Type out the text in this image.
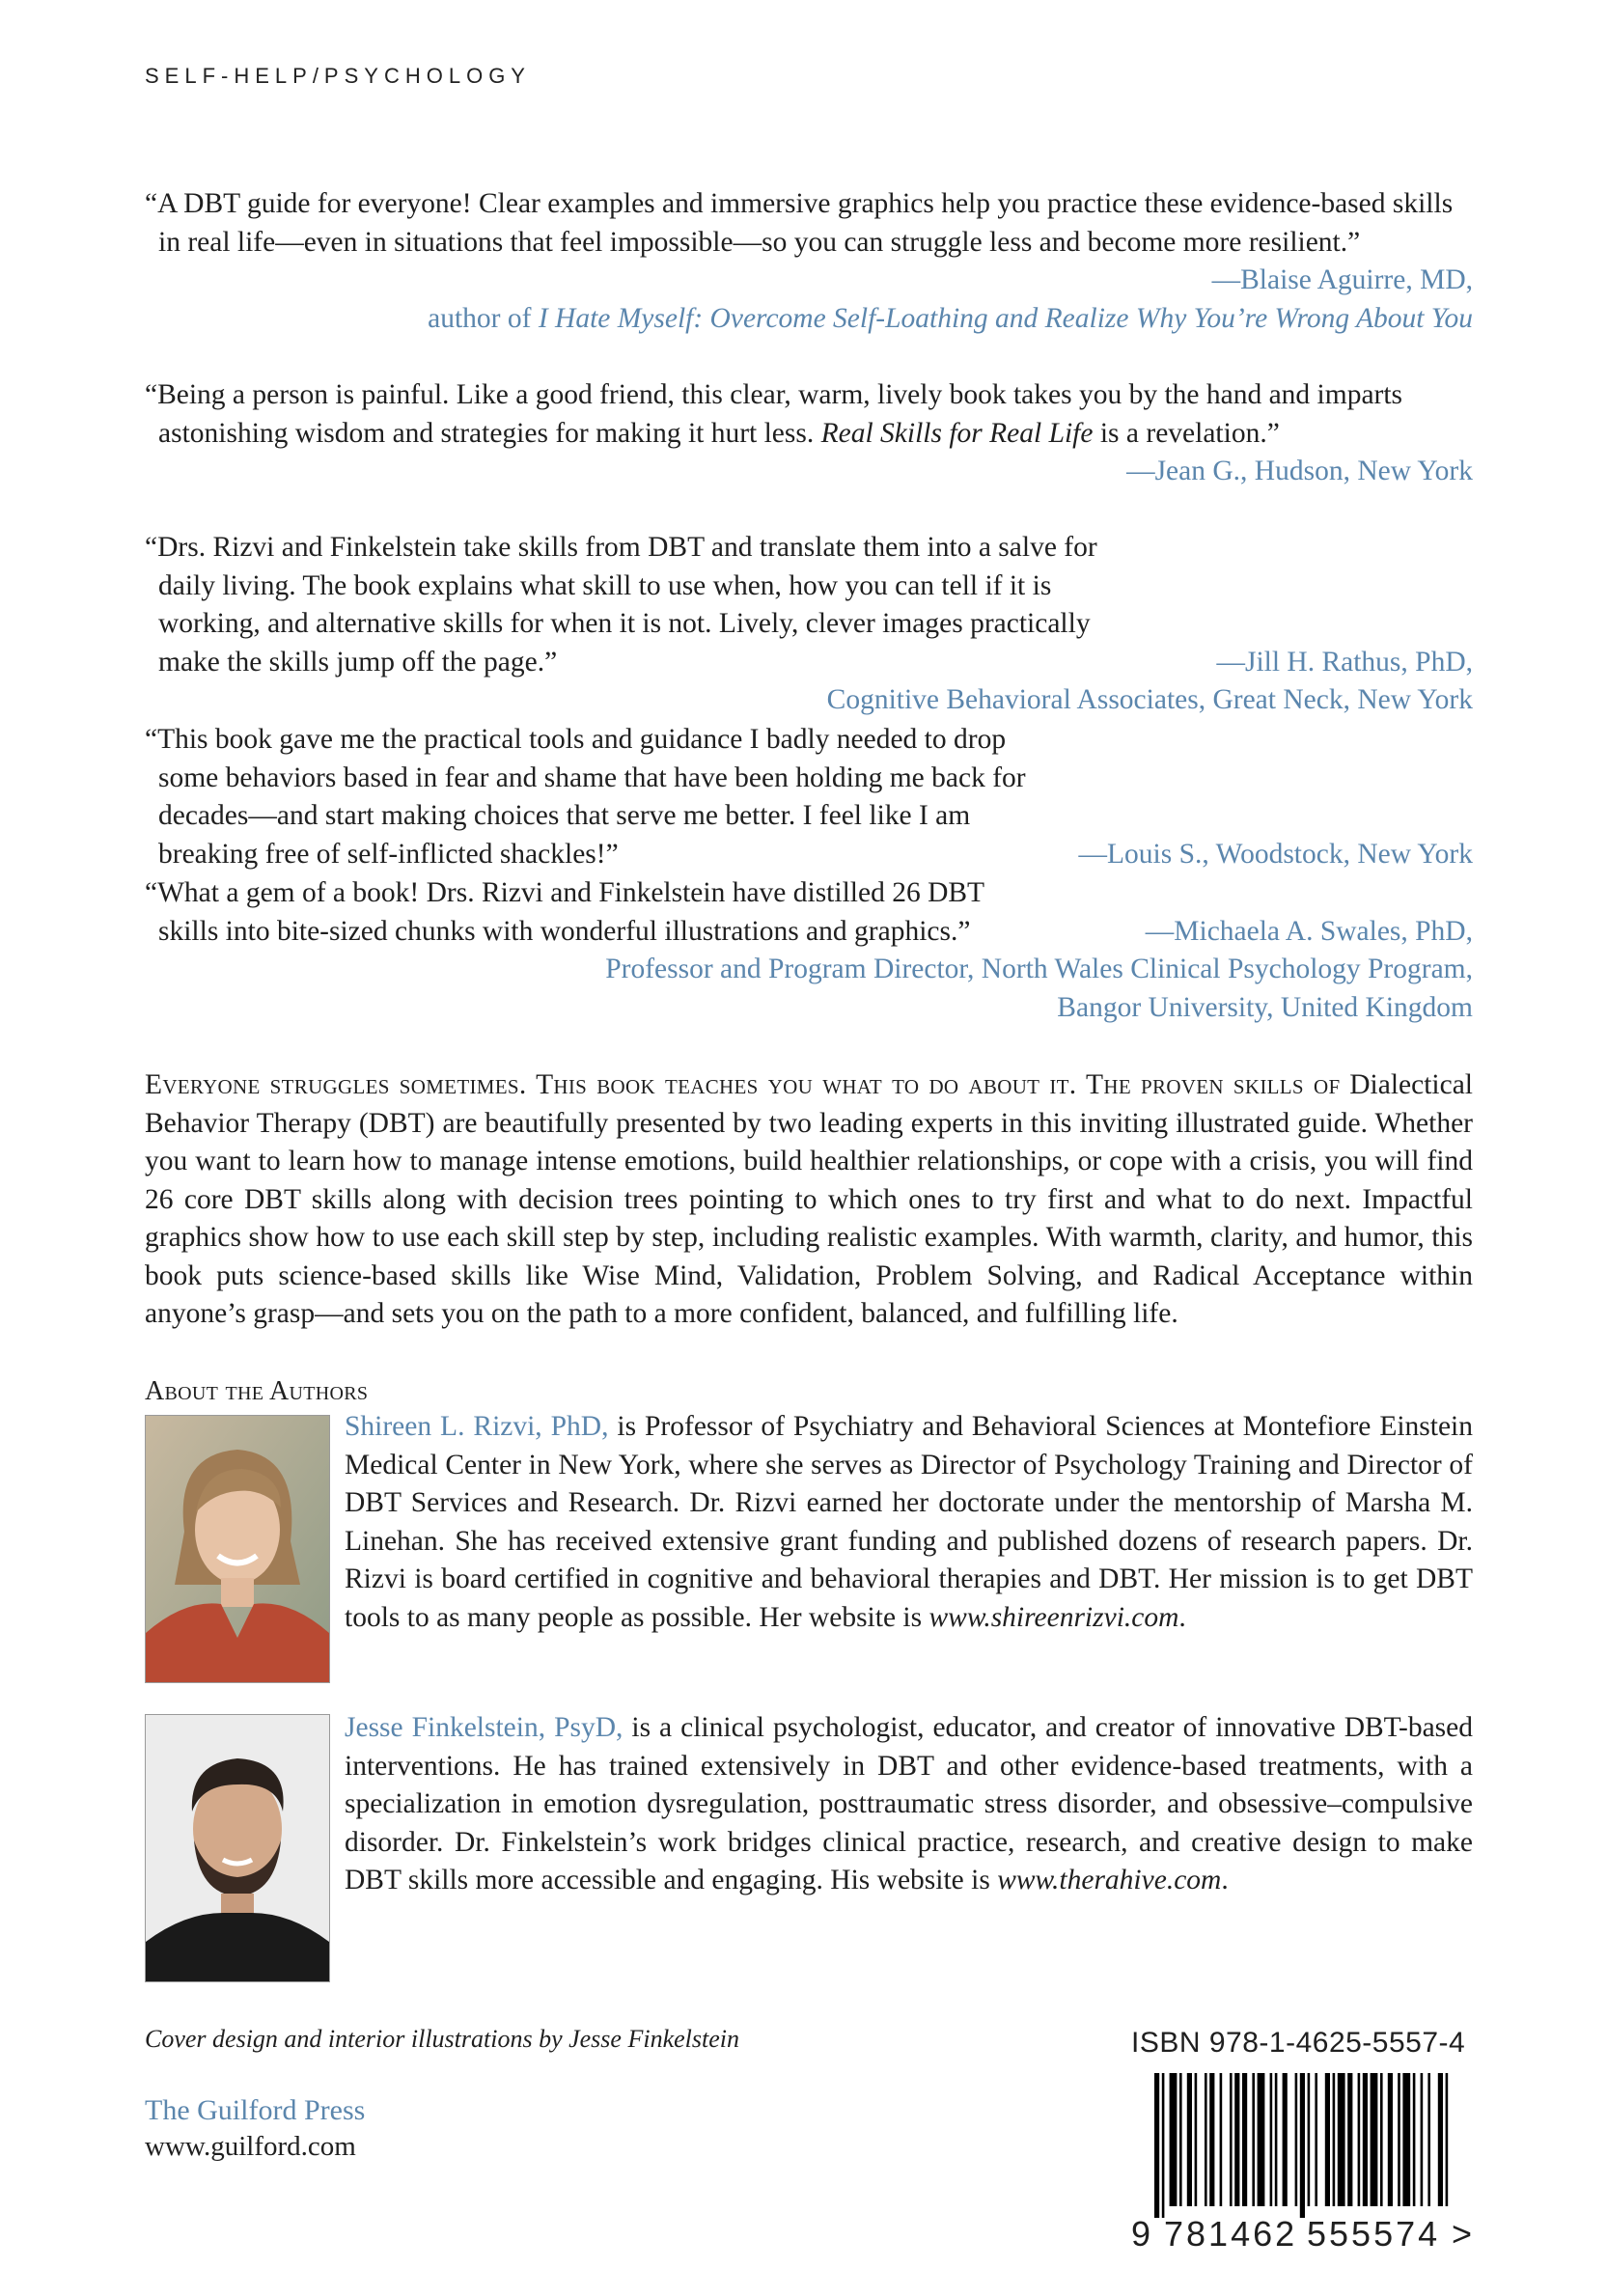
SELF-HELP/PSYCHOLOGY

“A DBT guide for everyone! Clear examples and immersive graphics help you practice these evidence-based skills in real life—even in situations that feel impossible—so you can struggle less and become more resilient.”

—Blaise Aguirre, MD,

author of I Hate Myself: Overcome Self-Loathing and Realize Why You’re Wrong About You

“Being a person is painful. Like a good friend, this clear, warm, lively book takes you by the hand and imparts astonishing wisdom and strategies for making it hurt less. Real Skills for Real Life is a revelation.”

—Jean G., Hudson, New York

“Drs. Rizvi and Finkelstein take skills from DBT and translate them into a salve for daily living. The book explains what skill to use when, how you can tell if it is working, and alternative skills for when it is not. Lively, clever images practically make the skills jump off the page.”	—Jill H. Rathus, PhD,

Cognitive Behavioral Associates, Great Neck, New York

“This book gave me the practical tools and guidance I badly needed to drop some behaviors based in fear and shame that have been holding me back for decades—and start making choices that serve me better. I feel like I am breaking free of self-inflicted shackles!”	—Louis S., Woodstock, New York

“What a gem of a book! Drs. Rizvi and Finkelstein have distilled 26 DBT skills into bite-sized chunks with wonderful illustrations and graphics.”	—Michaela A. Swales, PhD,

Professor and Program Director, North Wales Clinical Psychology Program,

Bangor University, United Kingdom

Everyone struggles sometimes. This book teaches you what to do about it. The proven skills of Dialectical Behavior Therapy (DBT) are beautifully presented by two leading experts in this inviting illustrated guide. Whether you want to learn how to manage intense emotions, build healthier relationships, or cope with a crisis, you will find 26 core DBT skills along with decision trees pointing to which ones to try first and what to do next. Impactful graphics show how to use each skill step by step, including realistic examples. With warmth, clarity, and humor, this book puts science-based skills like Wise Mind, Validation, Problem Solving, and Radical Acceptance within anyone’s grasp—and sets you on the path to a more confident, balanced, and fulfilling life.
About the Authors
Shireen L. Rizvi, PhD, is Professor of Psychiatry and Behavioral Sciences at Montefiore Einstein Medical Center in New York, where she serves as Director of Psychology Training and Director of DBT Services and Research. Dr. Rizvi earned her doctorate under the mentorship of Marsha M. Linehan. She has received extensive grant funding and published dozens of research papers. Dr. Rizvi is board certified in cognitive and behavioral therapies and DBT. Her mission is to get DBT tools to as many people as possible. Her website is www.shireenrizvi.com.
Jesse Finkelstein, PsyD, is a clinical psychologist, educator, and creator of innovative DBT-based interventions. He has trained extensively in DBT and other evidence-based treatments, with a specialization in emotion dysregulation, posttraumatic stress disorder, and obsessive–compulsive disorder. Dr. Finkelstein’s work bridges clinical practice, research, and creative design to make DBT skills more accessible and engaging. His website is www.therahive.com.
Cover design and interior illustrations by Jesse Finkelstein
The Guilford Press
www.guilford.com
ISBN 978-1-4625-5557-4
9 781462 555574 >
